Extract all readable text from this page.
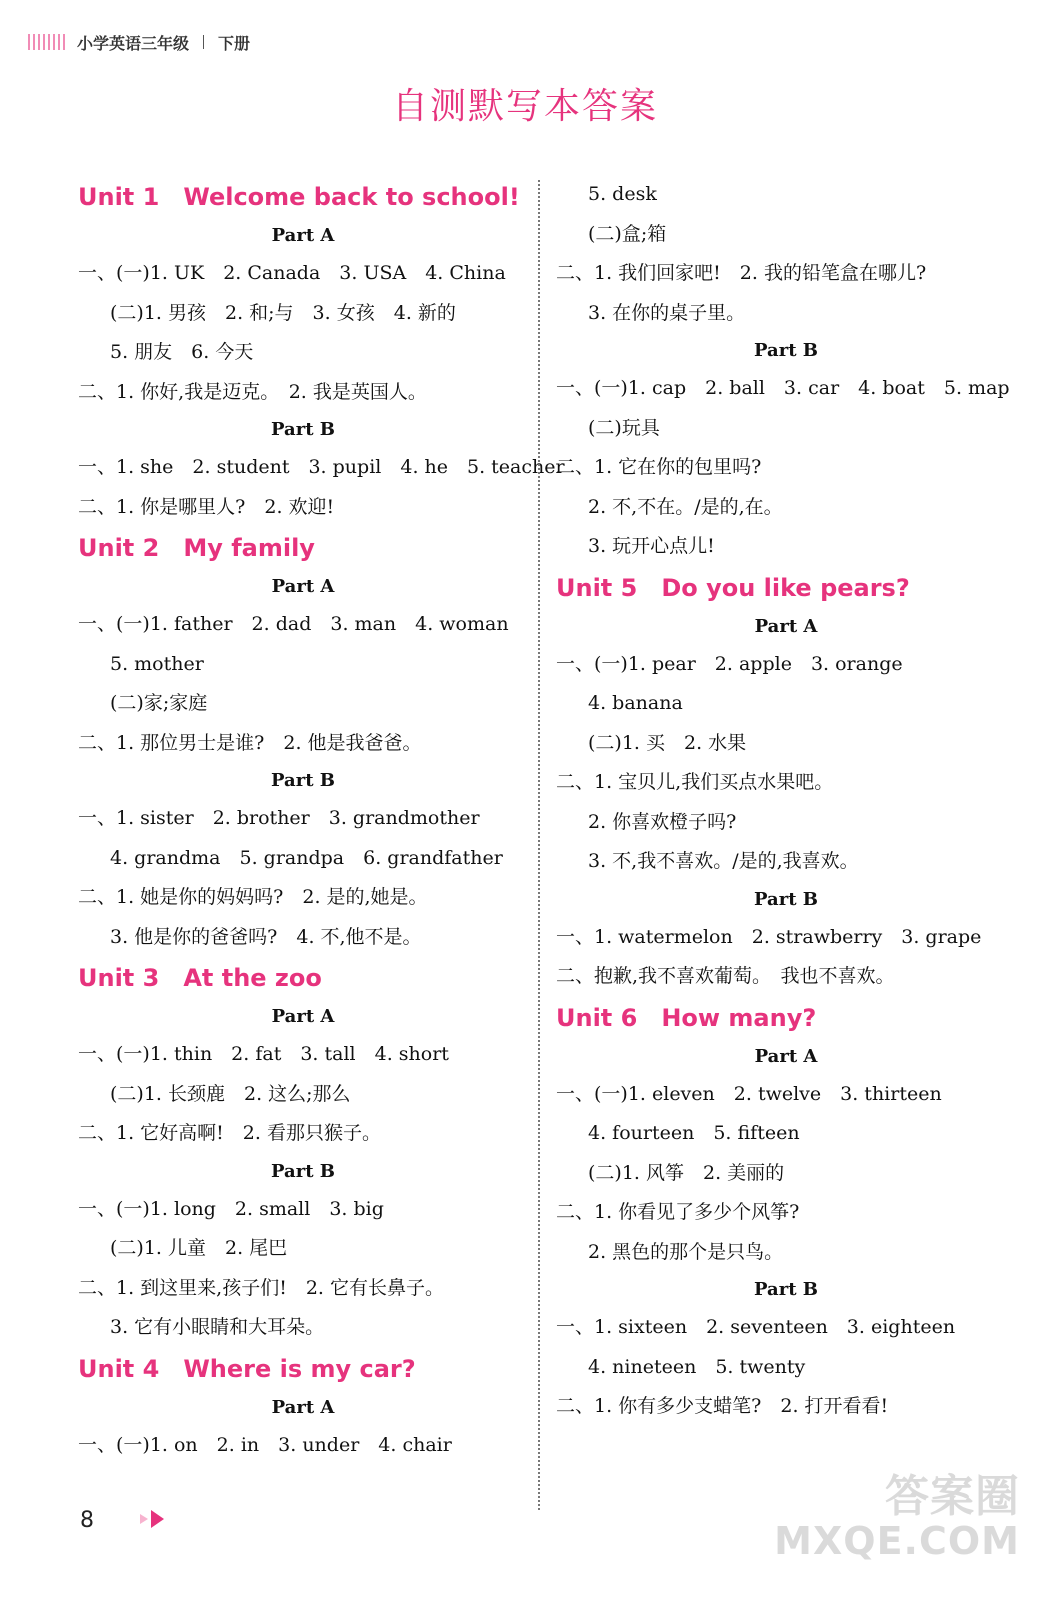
小学英语三年级 下册
自测默写本答案
Unit 1　Welcome back to school!
Part A
一、(一)1. UK　2. Canada　3. USA　4. China
(二)1. 男孩　2. 和;与　3. 女孩　4. 新的
5. 朋友　6. 今天
二、1. 你好,我是迈克。　2. 我是英国人。
Part B
一、1. she　2. student　3. pupil　4. he　5. teacher
二、1. 你是哪里人?　2. 欢迎!
Unit 2　My family
Part A
一、(一)1. father　2. dad　3. man　4. woman
5. mother
(二)家;家庭
二、1. 那位男士是谁?　2. 他是我爸爸。
Part B
一、1. sister　2. brother　3. grandmother
4. grandma　5. grandpa　6. grandfather
二、1. 她是你的妈妈吗?　2. 是的,她是。
3. 他是你的爸爸吗?　4. 不,他不是。
Unit 3　At the zoo
Part A
一、(一)1. thin　2. fat　3. tall　4. short
(二)1. 长颈鹿　2. 这么;那么
二、1. 它好高啊!　2. 看那只猴子。
Part B
一、(一)1. long　2. small　3. big
(二)1. 儿童　2. 尾巴
二、1. 到这里来,孩子们!　2. 它有长鼻子。
3. 它有小眼睛和大耳朵。
Unit 4　Where is my car?
Part A
一、(一)1. on　2. in　3. under　4. chair
5. desk
(二)盒;箱
二、1. 我们回家吧!　2. 我的铅笔盒在哪儿?
3. 在你的桌子里。
Part B
一、(一)1. cap　2. ball　3. car　4. boat　5. map
(二)玩具
二、1. 它在你的包里吗?
2. 不,不在。/是的,在。
3. 玩开心点儿!
Unit 5　Do you like pears?
Part A
一、(一)1. pear　2. apple　3. orange
4. banana
(二)1. 买　2. 水果
二、1. 宝贝儿,我们买点水果吧。
2. 你喜欢橙子吗?
3. 不,我不喜欢。/是的,我喜欢。
Part B
一、1. watermelon　2. strawberry　3. grape
二、抱歉,我不喜欢葡萄。　我也不喜欢。
Unit 6　How many?
Part A
一、(一)1. eleven　2. twelve　3. thirteen
4. fourteen　5. fifteen
(二)1. 风筝　2. 美丽的
二、1. 你看见了多少个风筝?
2. 黑色的那个是只鸟。
Part B
一、1. sixteen　2. seventeen　3. eighteen
4. nineteen　5. twenty
二、1. 你有多少支蜡笔?　2. 打开看看!
8	答案圈
MXQE.COM
